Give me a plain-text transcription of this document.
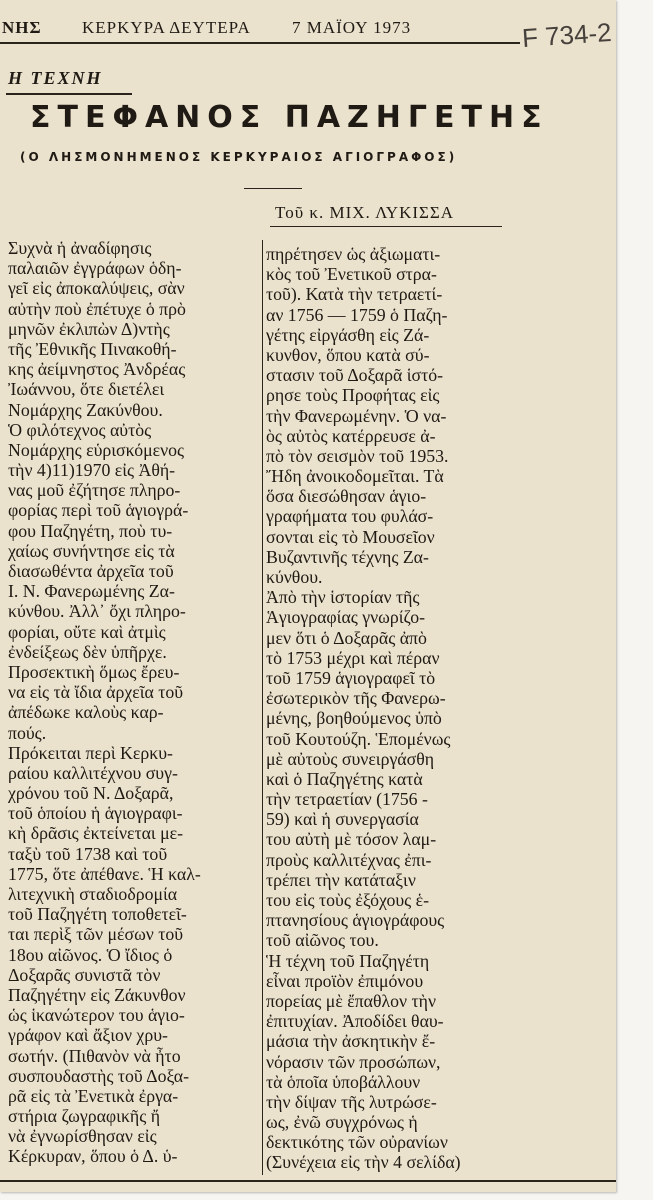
ΝΗΣ ΚΕΡΚΥΡΑ ΔΕΥΤΕΡΑ 7 ΜΑΪΟΥ 1973	F 734-2
Η ΤΕΧΝΗ
ΣΤΕΦΑΝΟΣ ΠΑΖΗΓΕΤΗΣ
(Ο ΛΗΣΜΟΝΗΜΕΝΟΣ ΚΕΡΚΥΡΑΙΟΣ ΑΓΙΟΓΡΑΦΟΣ)
Τοῦ κ. ΜΙΧ. ΛΥΚΙΣΣΑ
Συχνὰ ἡ ἀναδίφησις
παλαιῶν ἐγγράφων ὁδη-
γεῖ εἰς ἀποκαλύψεις, σὰν
αὐτὴν ποὺ ἐπέτυχε ὁ πρὸ
μηνῶν ἐκλιπὼν Δ)ντὴς
τῆς Ἐθνικῆς Πινακοθή-
κης ἀείμνηστος Ἀνδρέας
Ἰωάννου, ὅτε διετέλει
Νομάρχης Ζακύνθου.
Ὁ φιλότεχνος αὐτὸς
Νομάρχης εὑρισκόμενος
τὴν 4)11)1970 εἰς Ἀθή-
νας μοῦ ἐζήτησε πληρο-
φορίας περὶ τοῦ ἁγιογρά-
φου Παζηγέτη, ποὺ τυ-
χαίως συνήντησε εἰς τὰ
διασωθέντα ἀρχεῖα τοῦ
Ι. Ν. Φανερωμένης Ζα-
κύνθου. Ἀλλ᾿ ὄχι πληρο-
φορίαι, οὔτε καὶ ἀτμὶς
ἐνδείξεως δὲν ὑπῆρχε.
Προσεκτικὴ ὅμως ἔρευ-
να εἰς τὰ ἴδια ἀρχεῖα τοῦ
ἀπέδωκε καλοὺς καρ-
πούς.
Πρόκειται περὶ Κερκυ-
ραίου καλλιτέχνου συγ-
χρόνου τοῦ Ν. Δοξαρᾶ,
τοῦ ὁποίου ἡ ἁγιογραφι-
κὴ δρᾶσις ἐκτείνεται με-
ταξὺ τοῦ 1738 καὶ τοῦ
1775, ὅτε ἀπέθανε. Ἡ καλ-
λιτεχνικὴ σταδιοδρομία
τοῦ Παζηγέτη τοποθετεῖ-
ται περὶξ τῶν μέσων τοῦ
18ου αἰῶνος. Ὁ ἴδιος ὁ
Δοξαρᾶς συνιστᾶ τὸν
Παζηγέτην εἰς Ζάκυνθον
ὡς ἱκανώτερον του ἁγιο-
γράφον καὶ ἄξιον χρυ-
σωτήν. (Πιθανὸν νὰ ἦτο
συσπουδαστὴς τοῦ Δοξα-
ρᾶ εἰς τὰ Ἐνετικὰ ἐργα-
στήρια ζωγραφικῆς ἤ
νὰ ἐγνωρίσθησαν εἰς
Κέρκυραν, ὅπου ὁ Δ. ὑ-
πηρέτησεν ὡς ἀξιωματι-
κὸς τοῦ Ἐνετικοῦ στρα-
τοῦ). Κατὰ τὴν τετραετί-
αν 1756 — 1759 ὁ Παζη-
γέτης εἰργάσθη εἰς Ζά-
κυνθον, ὅπου κατὰ σύ-
στασιν τοῦ Δοξαρᾶ ἱστό-
ρησε τοὺς Προφήτας εἰς
τὴν Φανερωμένην. Ὁ να-
ὸς αὐτὸς κατέρρευσε ἀ-
πὸ τὸν σεισμὸν τοῦ 1953.
Ἤδη ἀνοικοδομεῖται. Τὰ
ὅσα διεσώθησαν ἁγιο-
γραφήματα του φυλάσ-
σονται εἰς τὸ Μουσεῖον
Βυζαντινῆς τέχνης Ζα-
κύνθου.
Ἀπὸ τὴν ἱστορίαν τῆς
Ἁγιογραφίας γνωρίζο-
μεν ὅτι ὁ Δοξαρᾶς ἀπὸ
τὸ 1753 μέχρι καὶ πέραν
τοῦ 1759 ἁγιογραφεῖ τὸ
ἐσωτερικὸν τῆς Φανερω-
μένης, βοηθούμενος ὑπὸ
τοῦ Κουτούζη. Ἑπομένως
μὲ αὐτοὺς συνειργάσθη
καὶ ὁ Παζηγέτης κατὰ
τὴν τετραετίαν (1756 -
59) καὶ ἡ συνεργασία
του αὐτὴ μὲ τόσον λαμ-
προὺς καλλιτέχνας ἐπι-
τρέπει τὴν κατάταξιν
του εἰς τοὺς ἐξόχους ἑ-
πτανησίους ἁγιογράφους
τοῦ αἰῶνος του.
Ἡ τέχνη τοῦ Παζηγέτη
εἶναι προϊὸν ἐπιμόνου
πορείας μὲ ἔπαθλον τὴν
ἐπιτυχίαν. Ἀποδίδει θαυ-
μάσια τὴν ἀσκητικὴν ἔ-
νόρασιν τῶν προσώπων,
τὰ ὁποῖα ὑποβάλλουν
τὴν δίψαν τῆς λυτρώσε-
ως, ἐνῶ συγχρόνως ἡ
δεκτικότης τῶν οὐρανίων
(Συνέχεια εἰς τὴν 4 σελίδα)
